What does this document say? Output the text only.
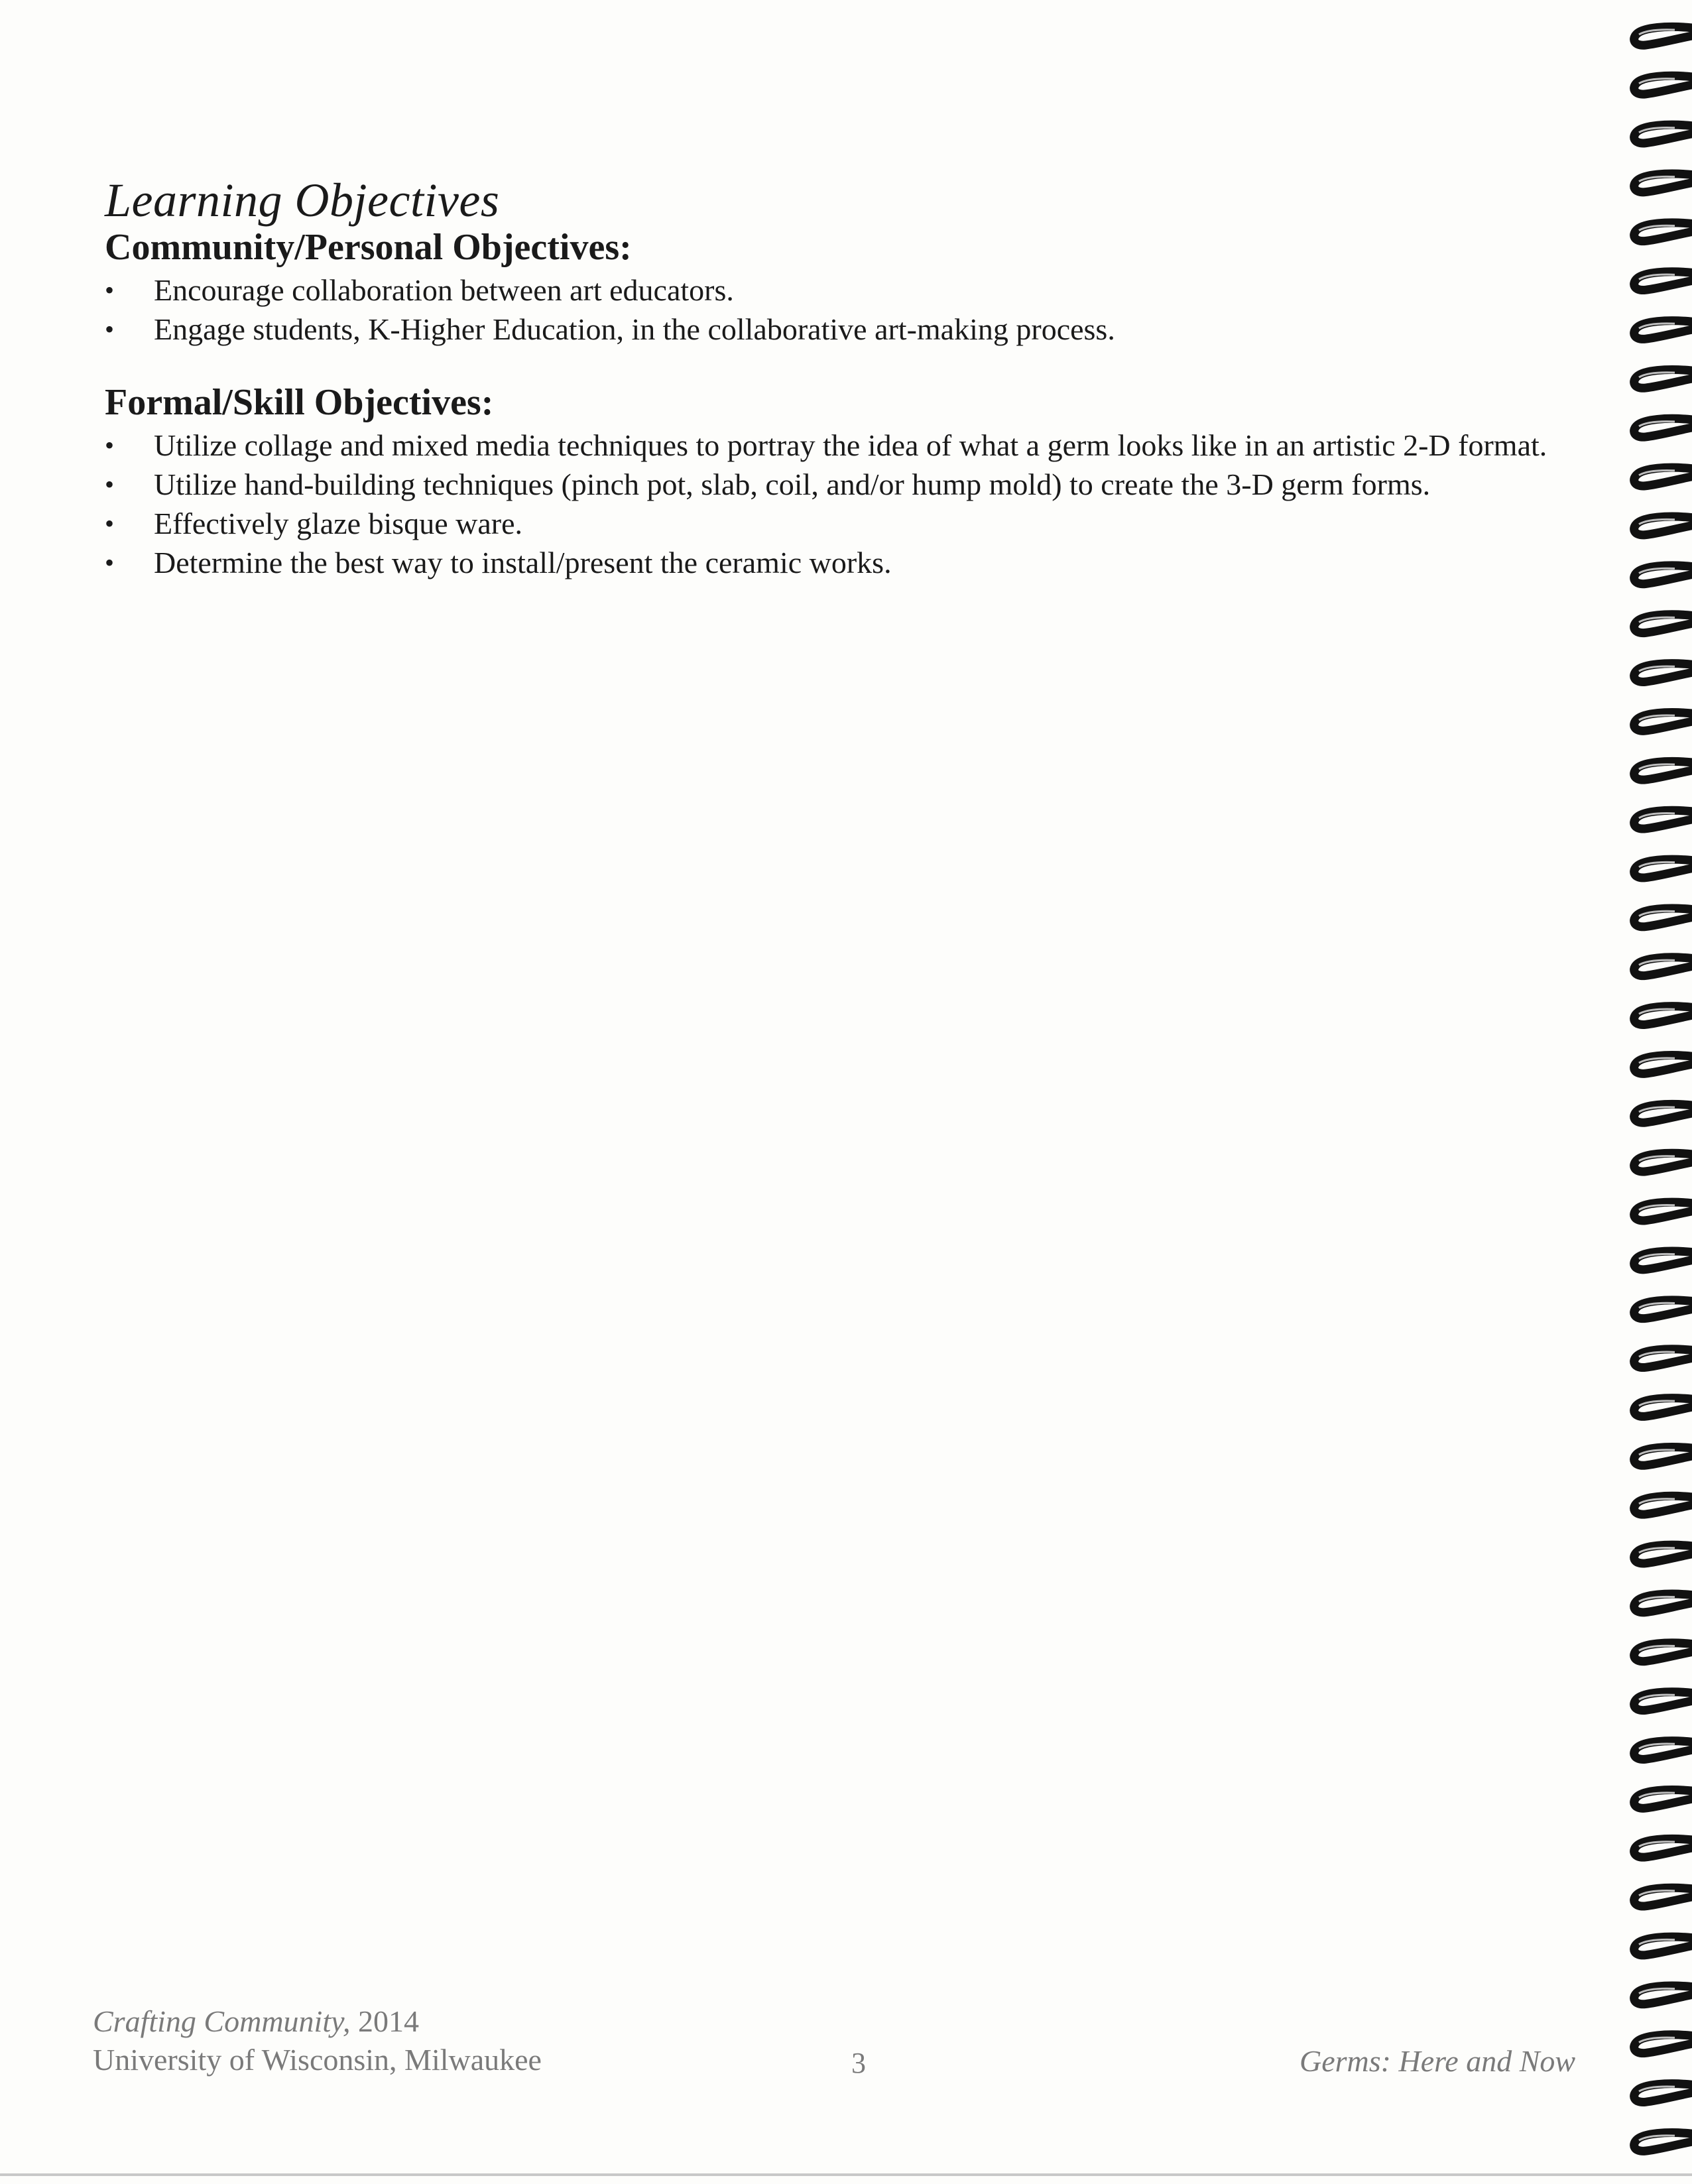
Learning Objectives
Community/Personal Objectives:
• Encourage collaboration between art educators.
• Engage students, K-Higher Education, in the collaborative art-making process.
Formal/Skill Objectives:
• Utilize collage and mixed media techniques to portray the idea of what a germ looks like in an artistic 2-D format.
• Utilize hand-building techniques (pinch pot, slab, coil, and/or hump mold) to create the 3-D germ forms.
• Effectively glaze bisque ware.
• Determine the best way to install/present the ceramic works.
Crafting Community, 2014
University of Wisconsin, Milwaukee	3	Germs: Here and Now
